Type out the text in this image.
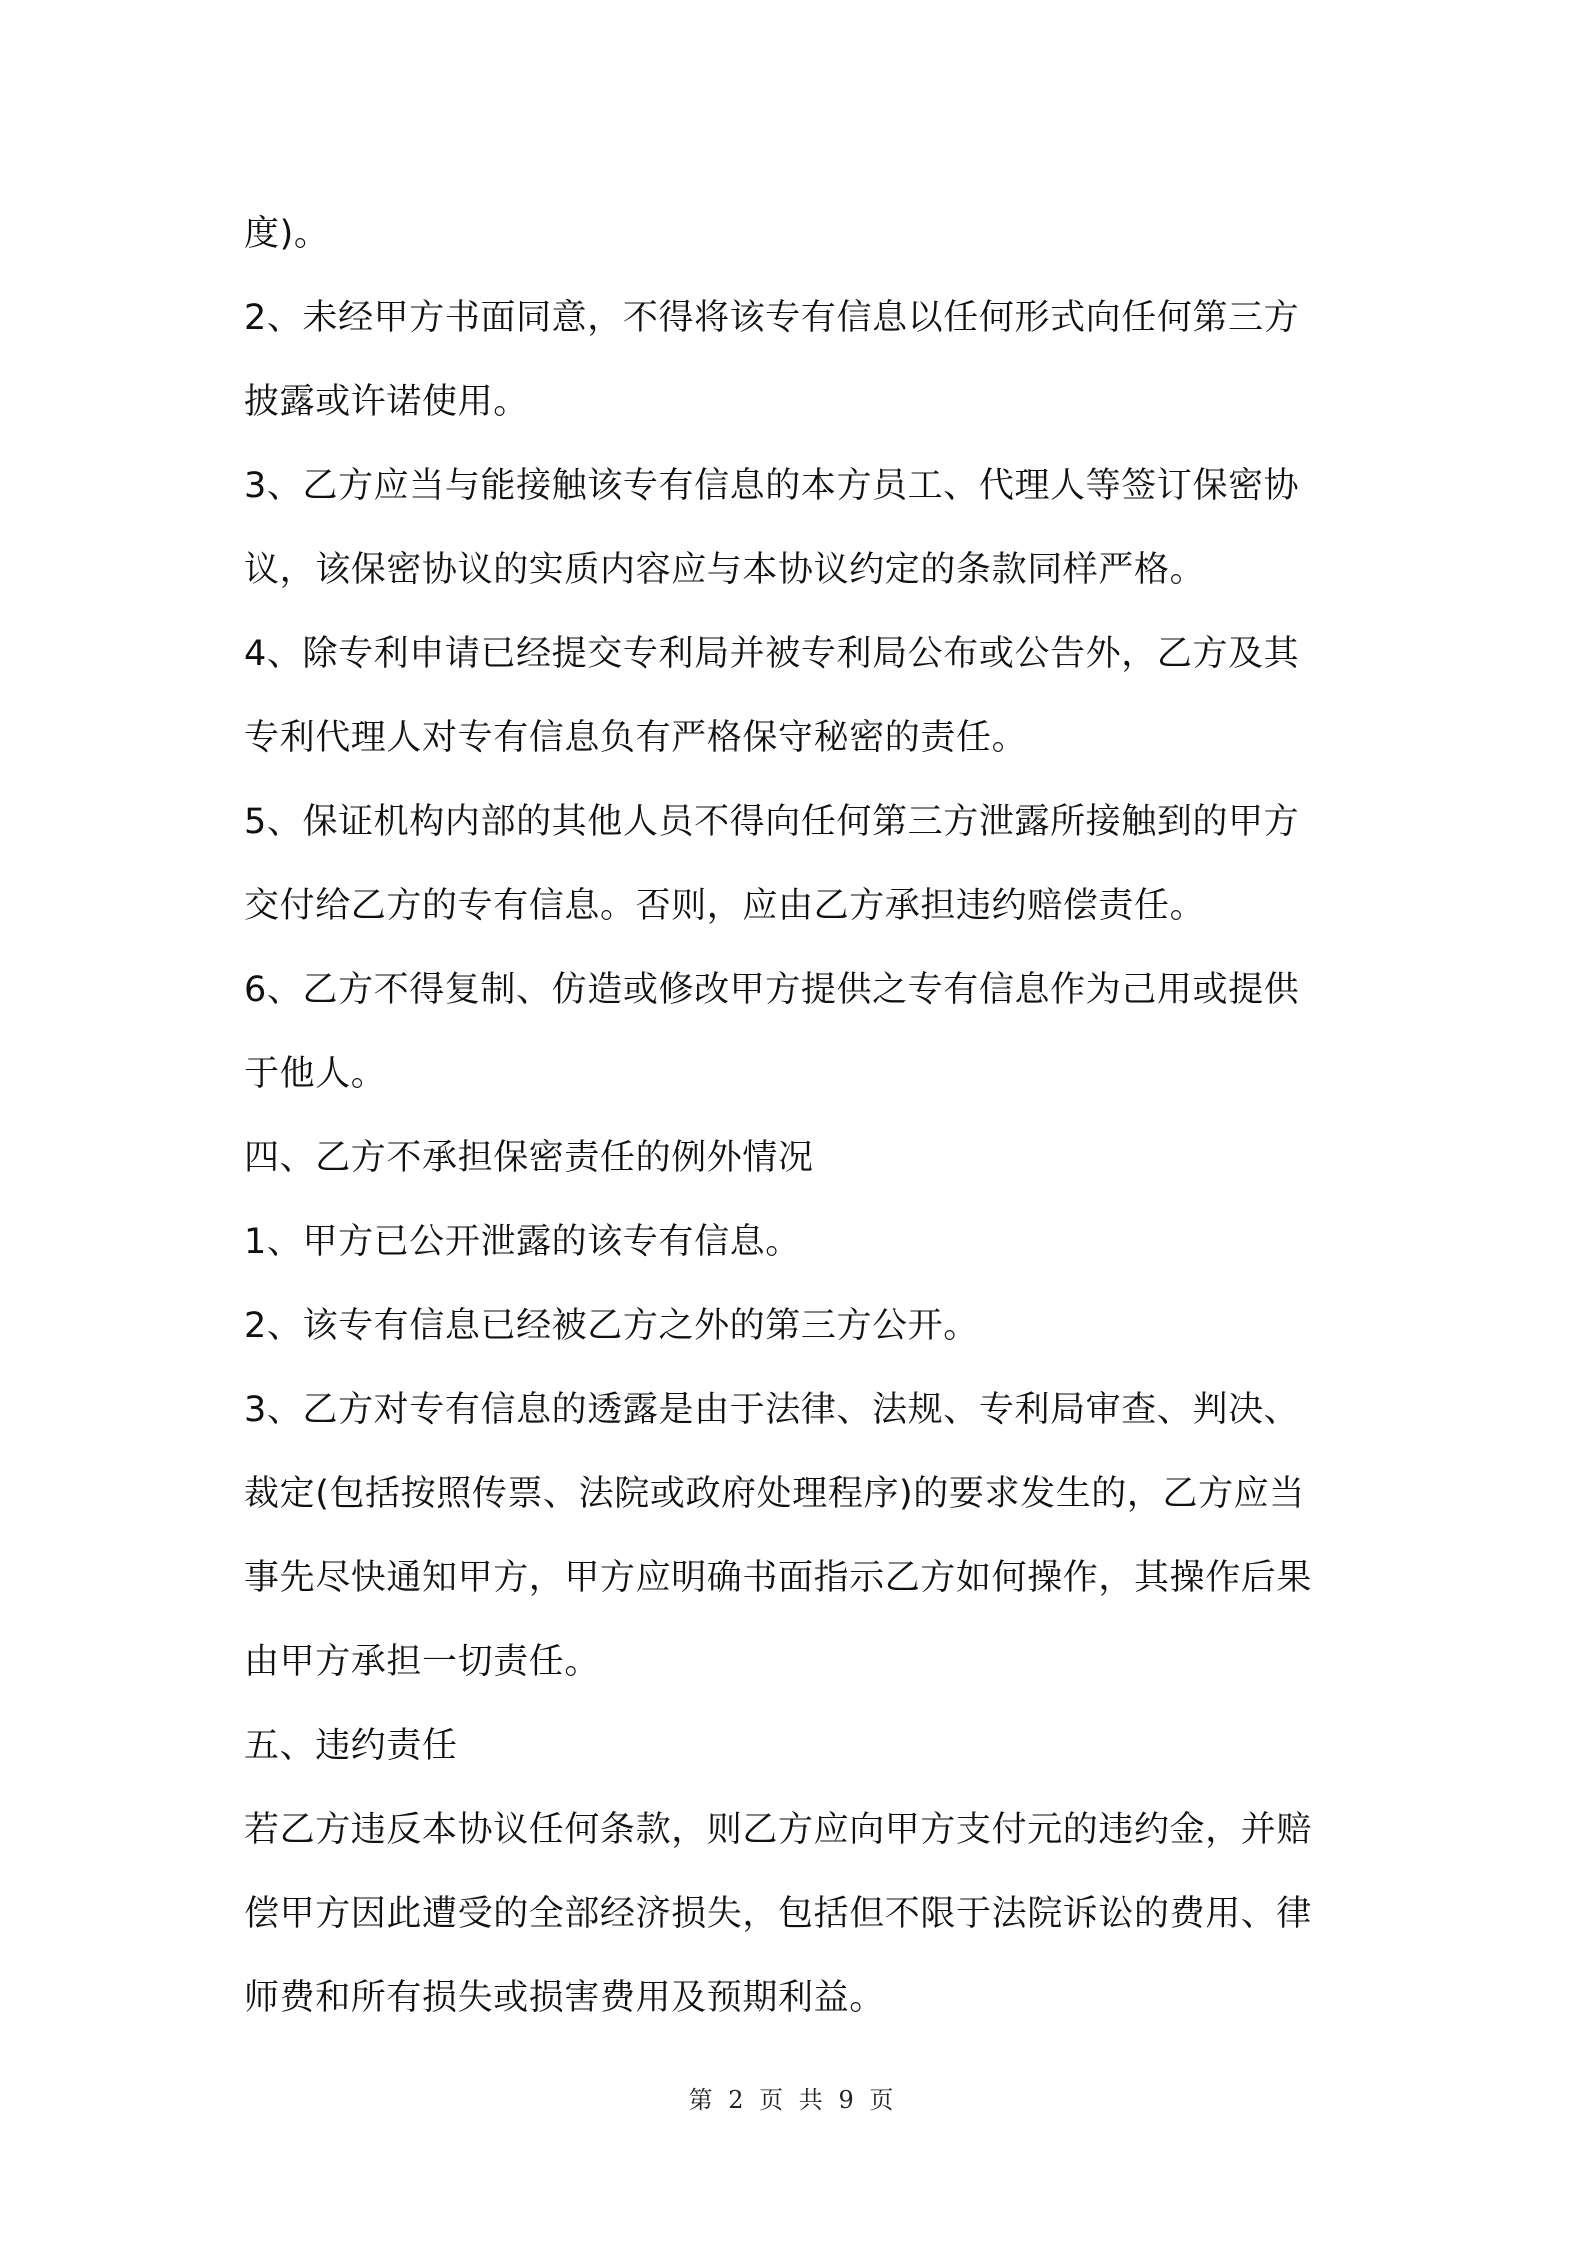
度)。
2、未经甲方书面同意，不得将该专有信息以任何形式向任何第三方
披露或许诺使用。
3、乙方应当与能接触该专有信息的本方员工、代理人等签订保密协
议，该保密协议的实质内容应与本协议约定的条款同样严格。
4、除专利申请已经提交专利局并被专利局公布或公告外，乙方及其
专利代理人对专有信息负有严格保守秘密的责任。
5、保证机构内部的其他人员不得向任何第三方泄露所接触到的甲方
交付给乙方的专有信息。否则，应由乙方承担违约赔偿责任。
6、乙方不得复制、仿造或修改甲方提供之专有信息作为己用或提供
于他人。
四、乙方不承担保密责任的例外情况
1、甲方已公开泄露的该专有信息。
2、该专有信息已经被乙方之外的第三方公开。
3、乙方对专有信息的透露是由于法律、法规、专利局审查、判决、
裁定(包括按照传票、法院或政府处理程序)的要求发生的，乙方应当
事先尽快通知甲方，甲方应明确书面指示乙方如何操作，其操作后果
由甲方承担一切责任。
五、违约责任
若乙方违反本协议任何条款，则乙方应向甲方支付元的违约金，并赔
偿甲方因此遭受的全部经济损失，包括但不限于法院诉讼的费用、律
师费和所有损失或损害费用及预期利益。
第 2 页 共 9 页
